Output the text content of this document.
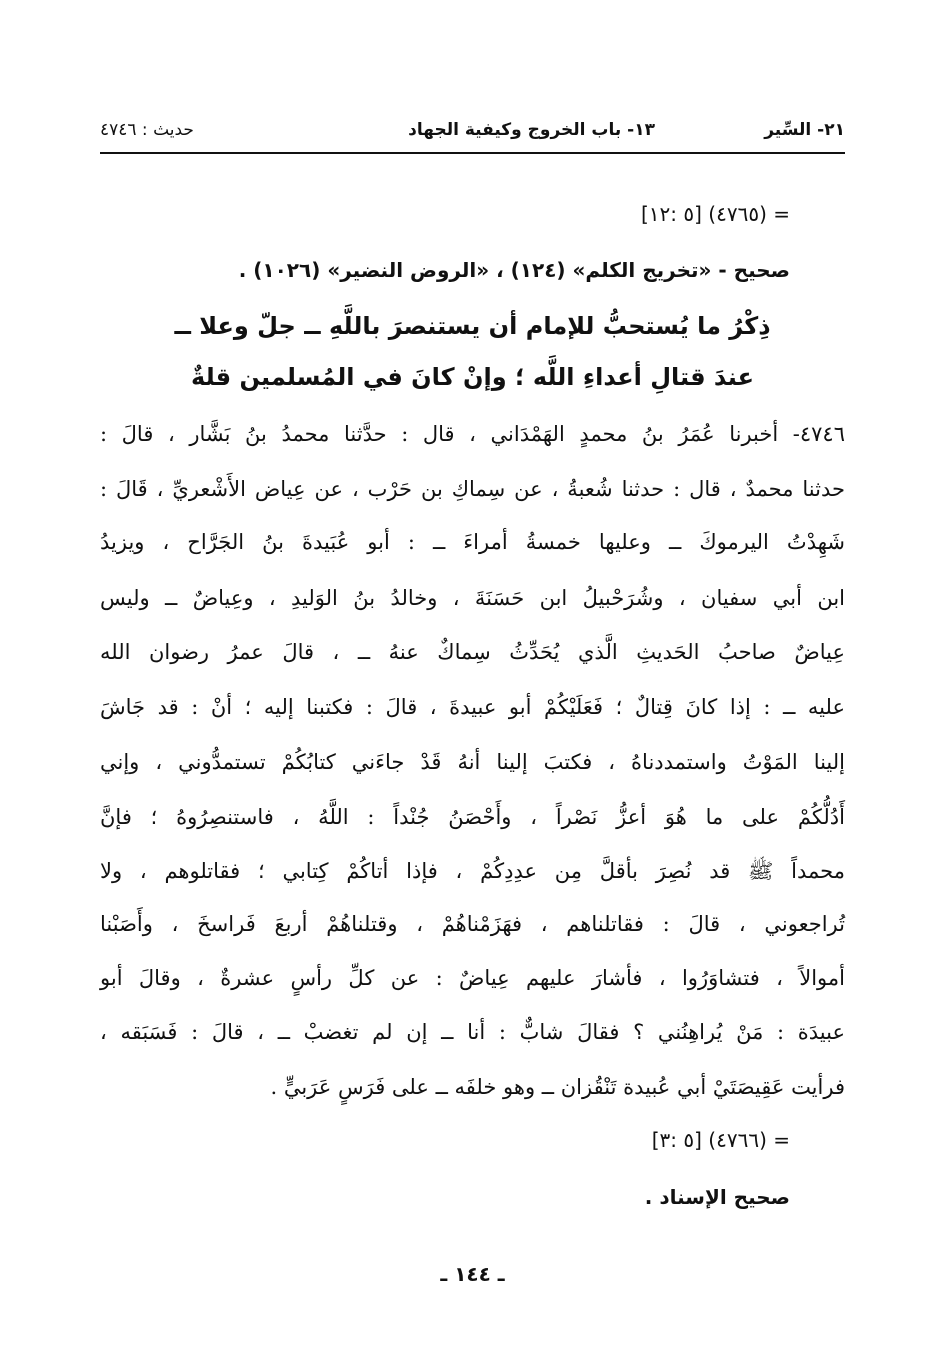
٢١- السِّير
١٣- باب الخروج وكيفية الجهاد
حديث : ٤٧٤٦
= (٤٧٦٥) [٥ :١٢]
صحيح - «تخريج الكلم» (١٢٤) ، «الروض النضير» (١٠٢٦) .
ذِكْرُ ما يُستحبُّ للإمام أن يستنصرَ باللَّهِ ــ جلّ وعلا ــ
عندَ قتالِ أعداءِ اللَّه ؛ وإنْ كانَ في المُسلمين قلةٌ
٤٧٤٦- أخبرنا عُمَرُ بنُ محمدٍ الهَمْدَاني ، قال : حدَّثنا محمدُ بنُ بَشَّار ، قالَ :
حدثنا محمدٌ ، قال : حدثنا شُعبةُ ، عن سِماكِ بن حَرْب ، عن عِياض الأَشْعريِّ ، قَالَ :
شَهِدْتُ اليرموكَ ــ وعليها خمسةُ أمراءَ ــ : أبو عُبَيدةَ بنُ الجَرَّاح ، ويزيدُ
ابن أبي سفيان ، وشُرَحْبيلُ ابن حَسَنَةَ ، وخالدُ بنُ الوَليدِ ، وعِياضٌ ــ وليس
عِياضٌ صاحبُ الحَديثِ الَّذي يُحَدِّثُ سِماكٌ عنهُ ــ ، قالَ عمرُ رضوان الله
عليه ــ : إذا كانَ قِتالٌ ؛ فَعَلَيْكُمْ أبو عبيدةَ ، قالَ : فكتبنا إليه ؛ أنْ : قد جَاشَ
إلينا المَوْتُ واستمددناهُ ، فكتبَ إلينا أنهُ قَدْ جاءَني كتابُكُمْ تستمدُّوني ، وإني
أَدُلُّكُمْ على ما هُوَ أعزُّ نَصْراً ، وأَحْصَنُ جُنْداً : اللَّهُ ، فاستنصِرُوهُ ؛ فإنَّ
محمداً ﷺ قد نُصِرَ بأقلَّ مِن عدِدِكُمْ ، فإذا أتاكُمْ كِتابي ؛ فقاتلوهم ، ولا
تُراجعوني ، قالَ : فقاتلناهم ، فهَزَمْناهُمْ ، وقتلناهُمْ أربعَ فَراسخَ ، وأَصَبْنا
أموالاً ، فتشاوَرُوا ، فأشارَ عليهم عِياضٌ : عن كلِّ رأسٍ عشرةٌ ، وقالَ أبو
عبيدَة : مَنْ يُراهِنُني ؟ فقالَ شابٌّ : أنا ــ إن لم تغضبْ ــ ، قالَ : فَسَبَقه ،
فرأيت عَقِيصَتَيْ أبي عُبيدة تَنْقُزان ــ وهو خلفَه ــ على فَرَسٍ عَرَبيٍّ .
= (٤٧٦٦) [٥ :٣]
صحيح الإسناد .
ـ ١٤٤ ـ
